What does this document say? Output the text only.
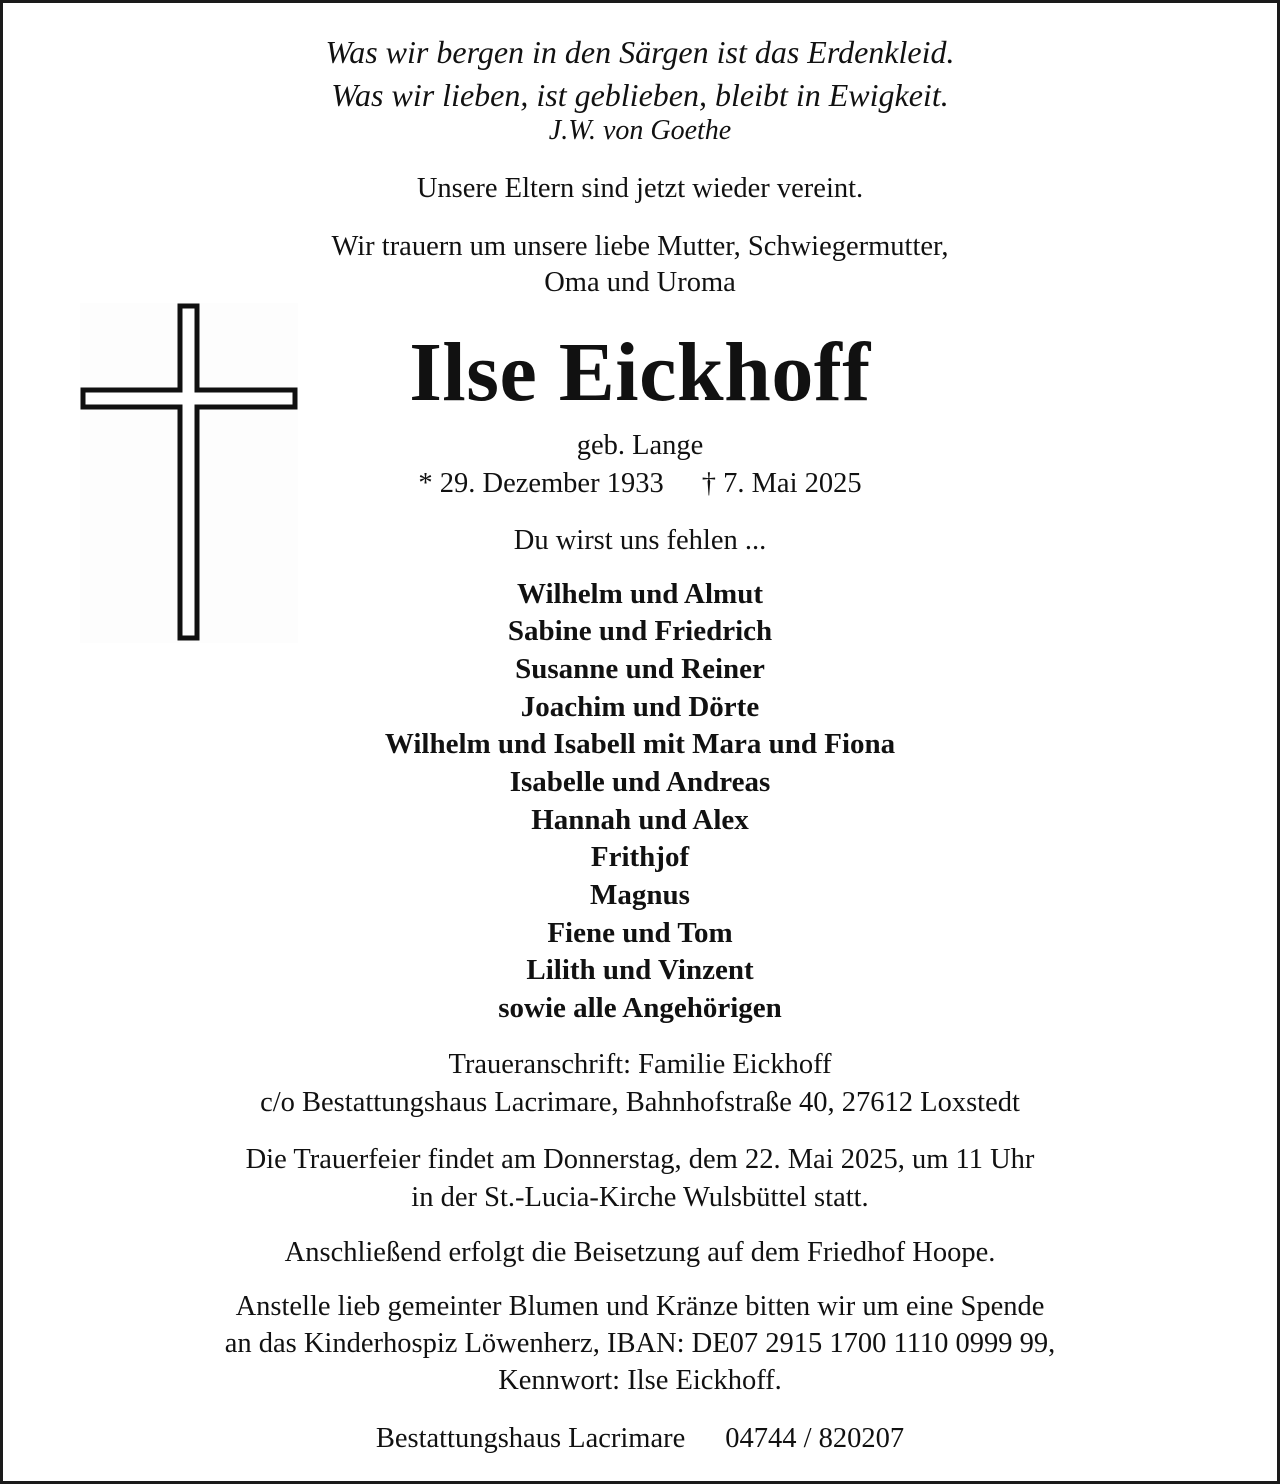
Was wir bergen in den Särgen ist das Erdenkleid.
Was wir lieben, ist geblieben, bleibt in Ewigkeit.
J.W. von Goethe
Unsere Eltern sind jetzt wieder vereint.
Wir trauern um unsere liebe Mutter, Schwiegermutter,
Oma und Uroma
Ilse Eickhoff
geb. Lange
* 29. Dezember 1933 † 7. Mai 2025
Du wirst uns fehlen ...
Wilhelm und Almut
Sabine und Friedrich
Susanne und Reiner
Joachim und Dörte
Wilhelm und Isabell mit Mara und Fiona
Isabelle und Andreas
Hannah und Alex
Frithjof
Magnus
Fiene und Tom
Lilith und Vinzent
sowie alle Angehörigen
Traueranschrift: Familie Eickhoff
c/o Bestattungshaus Lacrimare, Bahnhofstraße 40, 27612 Loxstedt
Die Trauerfeier findet am Donnerstag, dem 22. Mai 2025, um 11 Uhr
in der St.-Lucia-Kirche Wulsbüttel statt.
Anschließend erfolgt die Beisetzung auf dem Friedhof Hoope.
Anstelle lieb gemeinter Blumen und Kränze bitten wir um eine Spende
an das Kinderhospiz Löwenherz, IBAN: DE07 2915 1700 1110 0999 99,
Kennwort: Ilse Eickhoff.
Bestattungshaus Lacrimare 04744 / 820207
